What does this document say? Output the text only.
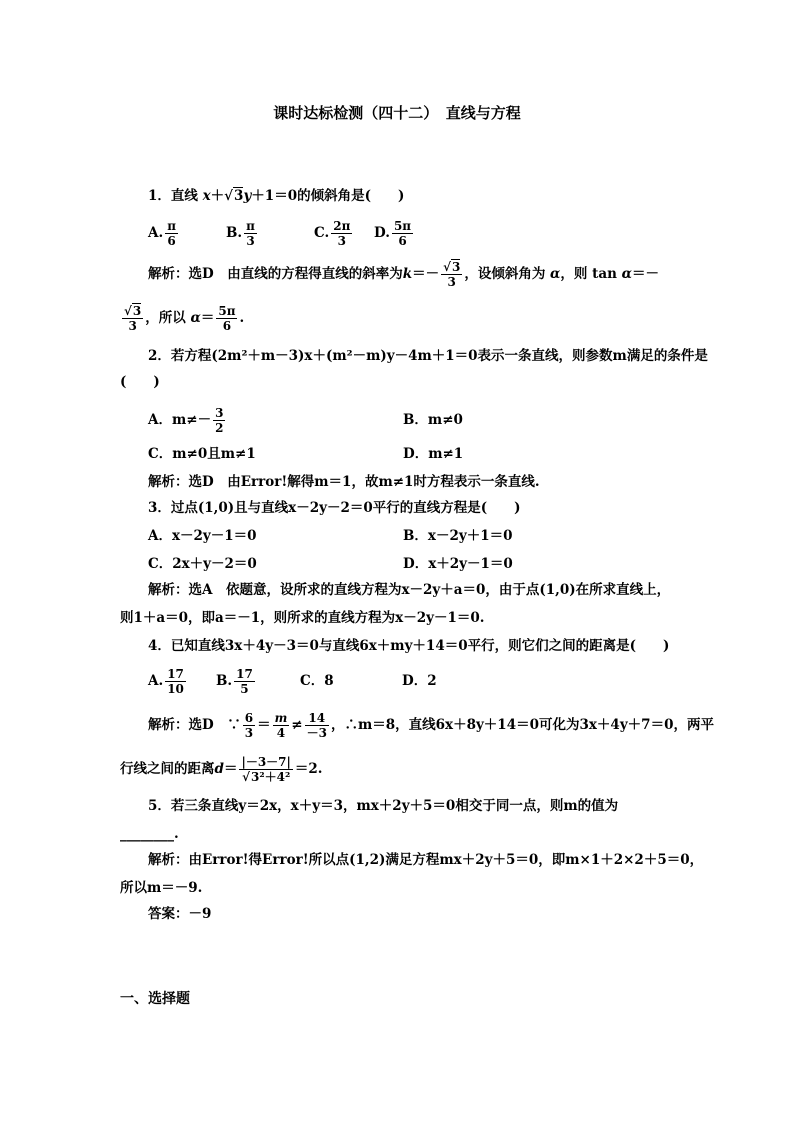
课时达标检测（四十二）　直线与方程
1．直线 x＋√3y＋1＝0的倾斜角是(　　)
A. $\frac{\pi}{6}$	B. $\frac{\pi}{3}$	C. $\frac{2\pi}{3} D$. $\frac{5\pi}{6}$
解析：选D　由直线的方程得直线的斜率为$k=- \frac{√3}{3}$ ，设倾斜角为 α，则 tan α＝－
$\frac{√3}{3}$ ，所以 $\alpha= \frac{5\pi}{6}$ .
2．若方程(2m²＋m－3)x＋(m²－m)y－4m＋1＝0表示一条直线，则参数m满足的条件是
(　　)
A．$m\ne- \frac{3}{2}$	B．m≠0
C．m≠0且m≠1	D．m≠1
解析：选D　由Error!解得m＝1，故m≠1时方程表示一条直线.
3．过点(1,0)且与直线x－2y－2＝0平行的直线方程是(　　)
A．x－2y－1＝0	B．x－2y＋1＝0
C．2x＋y－2＝0	D．x＋2y－1＝0
解析：选A　依题意，设所求的直线方程为x－2y＋a＝0，由于点(1,0)在所求直线上，
则1＋a＝0，即a＝－1，则所求的直线方程为x－2y－1＝0.
4．已知直线3x＋4y－3＝0与直线6x＋my＋14＝0平行，则它们之间的距离是(　　)
A. $\frac{17}{10} B$. $\frac{17}{5}$	C．8	D．2
解析：选D　∵ $\frac{6}{3} = \frac{m}{4} \ne \frac{14}{-3}$ ，∴m＝8，直线6x＋8y＋14＝0可化为3x＋4y＋7＝0，两平
行线之间的距离$d= \frac{|-3-7|}{\text{√3²＋4²}} =2$.
5．若三条直线y＝2x，x＋y＝3，mx＋2y＋5＝0相交于同一点，则m的值为
________.
解析：由Error!得Error!所以点(1,2)满足方程mx＋2y＋5＝0，即m×1＋2×2＋5＝0，
所以m＝－9.
答案：－9
一、选择题
